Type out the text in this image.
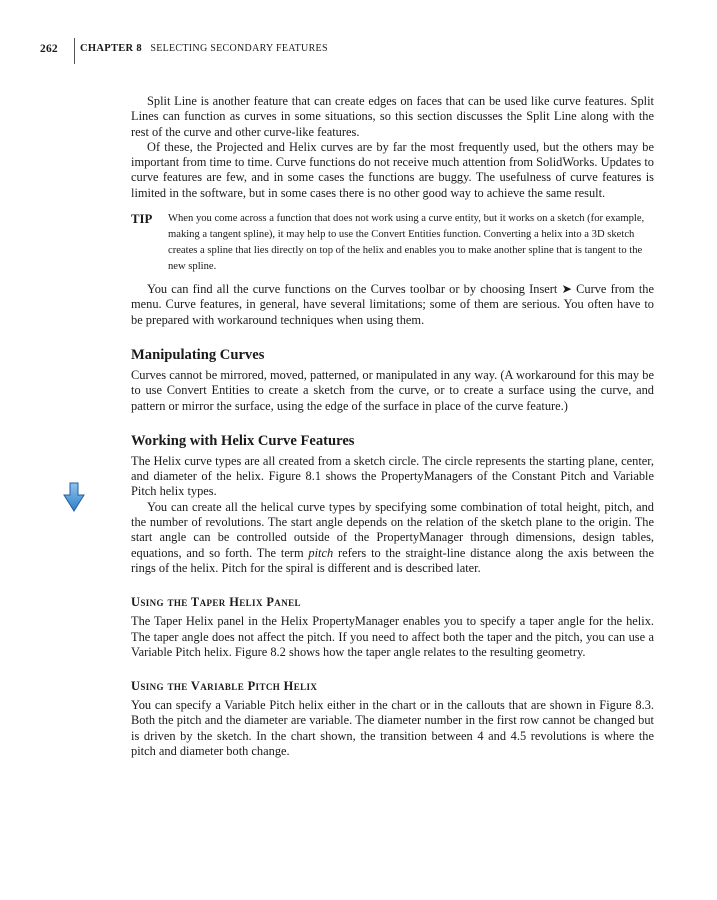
262 CHAPTER 8 SELECTING SECONDARY FEATURES

Split Line is another feature that can create edges on faces that can be used like curve features. Split Lines can function as curves in some situations, so this section discusses the Split Line along with the rest of the curve and other curve-like features.

Of these, the Projected and Helix curves are by far the most frequently used, but the others may be important from time to time. Curve functions do not receive much attention from SolidWorks. Updates to curve features are few, and in some cases the functions are buggy. The usefulness of curve features is limited in the software, but in some cases there is no other good way to achieve the same result.

TIP When you come across a function that does not work using a curve entity, but it works on a sketch (for example, making a tangent spline), it may help to use the Convert Entities function. Converting a helix into a 3D sketch creates a spline that lies directly on top of the helix and enables you to make another spline that is tangent to the new spline.

You can find all the curve functions on the Curves toolbar or by choosing Insert ➤ Curve from the menu. Curve features, in general, have several limitations; some of them are serious. You often have to be prepared with workaround techniques when using them.

Manipulating Curves

Curves cannot be mirrored, moved, patterned, or manipulated in any way. (A workaround for this may be to use Convert Entities to create a sketch from the curve, or to create a surface using the curve, and pattern or mirror the surface, using the edge of the surface in place of the curve feature.)

Working with Helix Curve Features

The Helix curve types are all created from a sketch circle. The circle represents the starting plane, center, and diameter of the helix. Figure 8.1 shows the PropertyManagers of the Constant Pitch and Variable Pitch helix types.

You can create all the helical curve types by specifying some combination of total height, pitch, and the number of revolutions. The start angle depends on the relation of the sketch plane to the origin. The start angle can be controlled outside of the PropertyManager through dimensions, design tables, equations, and so forth. The term pitch refers to the straight-line distance along the axis between the rings of the helix. Pitch for the spiral is different and is described later.

Using the Taper Helix Panel

The Taper Helix panel in the Helix PropertyManager enables you to specify a taper angle for the helix. The taper angle does not affect the pitch. If you need to affect both the taper and the pitch, you can use a Variable Pitch helix. Figure 8.2 shows how the taper angle relates to the resulting geometry.

Using the Variable Pitch Helix

You can specify a Variable Pitch helix either in the chart or in the callouts that are shown in Figure 8.3. Both the pitch and the diameter are variable. The diameter number in the first row cannot be changed but is driven by the sketch. In the chart shown, the transition between 4 and 4.5 revolutions is where the pitch and diameter both change.
